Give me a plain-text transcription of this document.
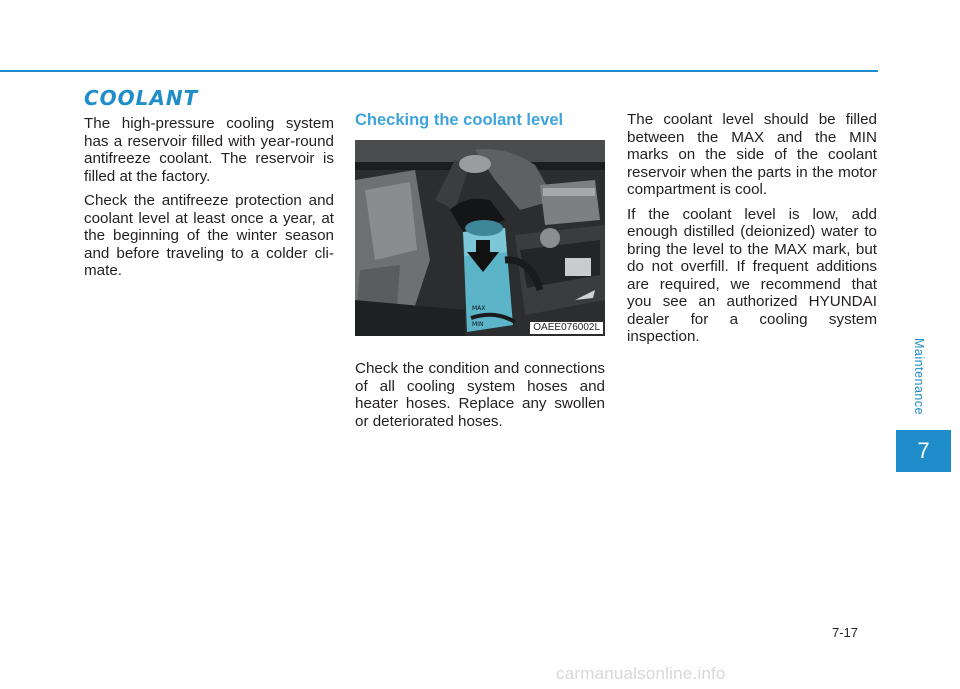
COOLANT

The high-pressure cooling system has a reservoir filled with year-round antifreeze coolant. The reservoir is filled at the factory.

Check the antifreeze protection and coolant level at least once a year, at the beginning of the winter season and before traveling to a colder cli-mate.

Checking the coolant level
MAX
MIN	OAEE076002L

Check the condition and connections of all cooling system hoses and heater hoses. Replace any swollen or deteriorated hoses.

The coolant level should be filled between the MAX and the MIN marks on the side of the coolant reservoir when the parts in the motor compartment is cool.

If the coolant level is low, add enough distilled (deionized) water to bring the level to the MAX mark, but do not overfill. If frequent additions are required, we recommend that you see an authorized HYUNDAI dealer for a cooling system inspection.

Maintenance
7
7-17
carmanualsonline.info
